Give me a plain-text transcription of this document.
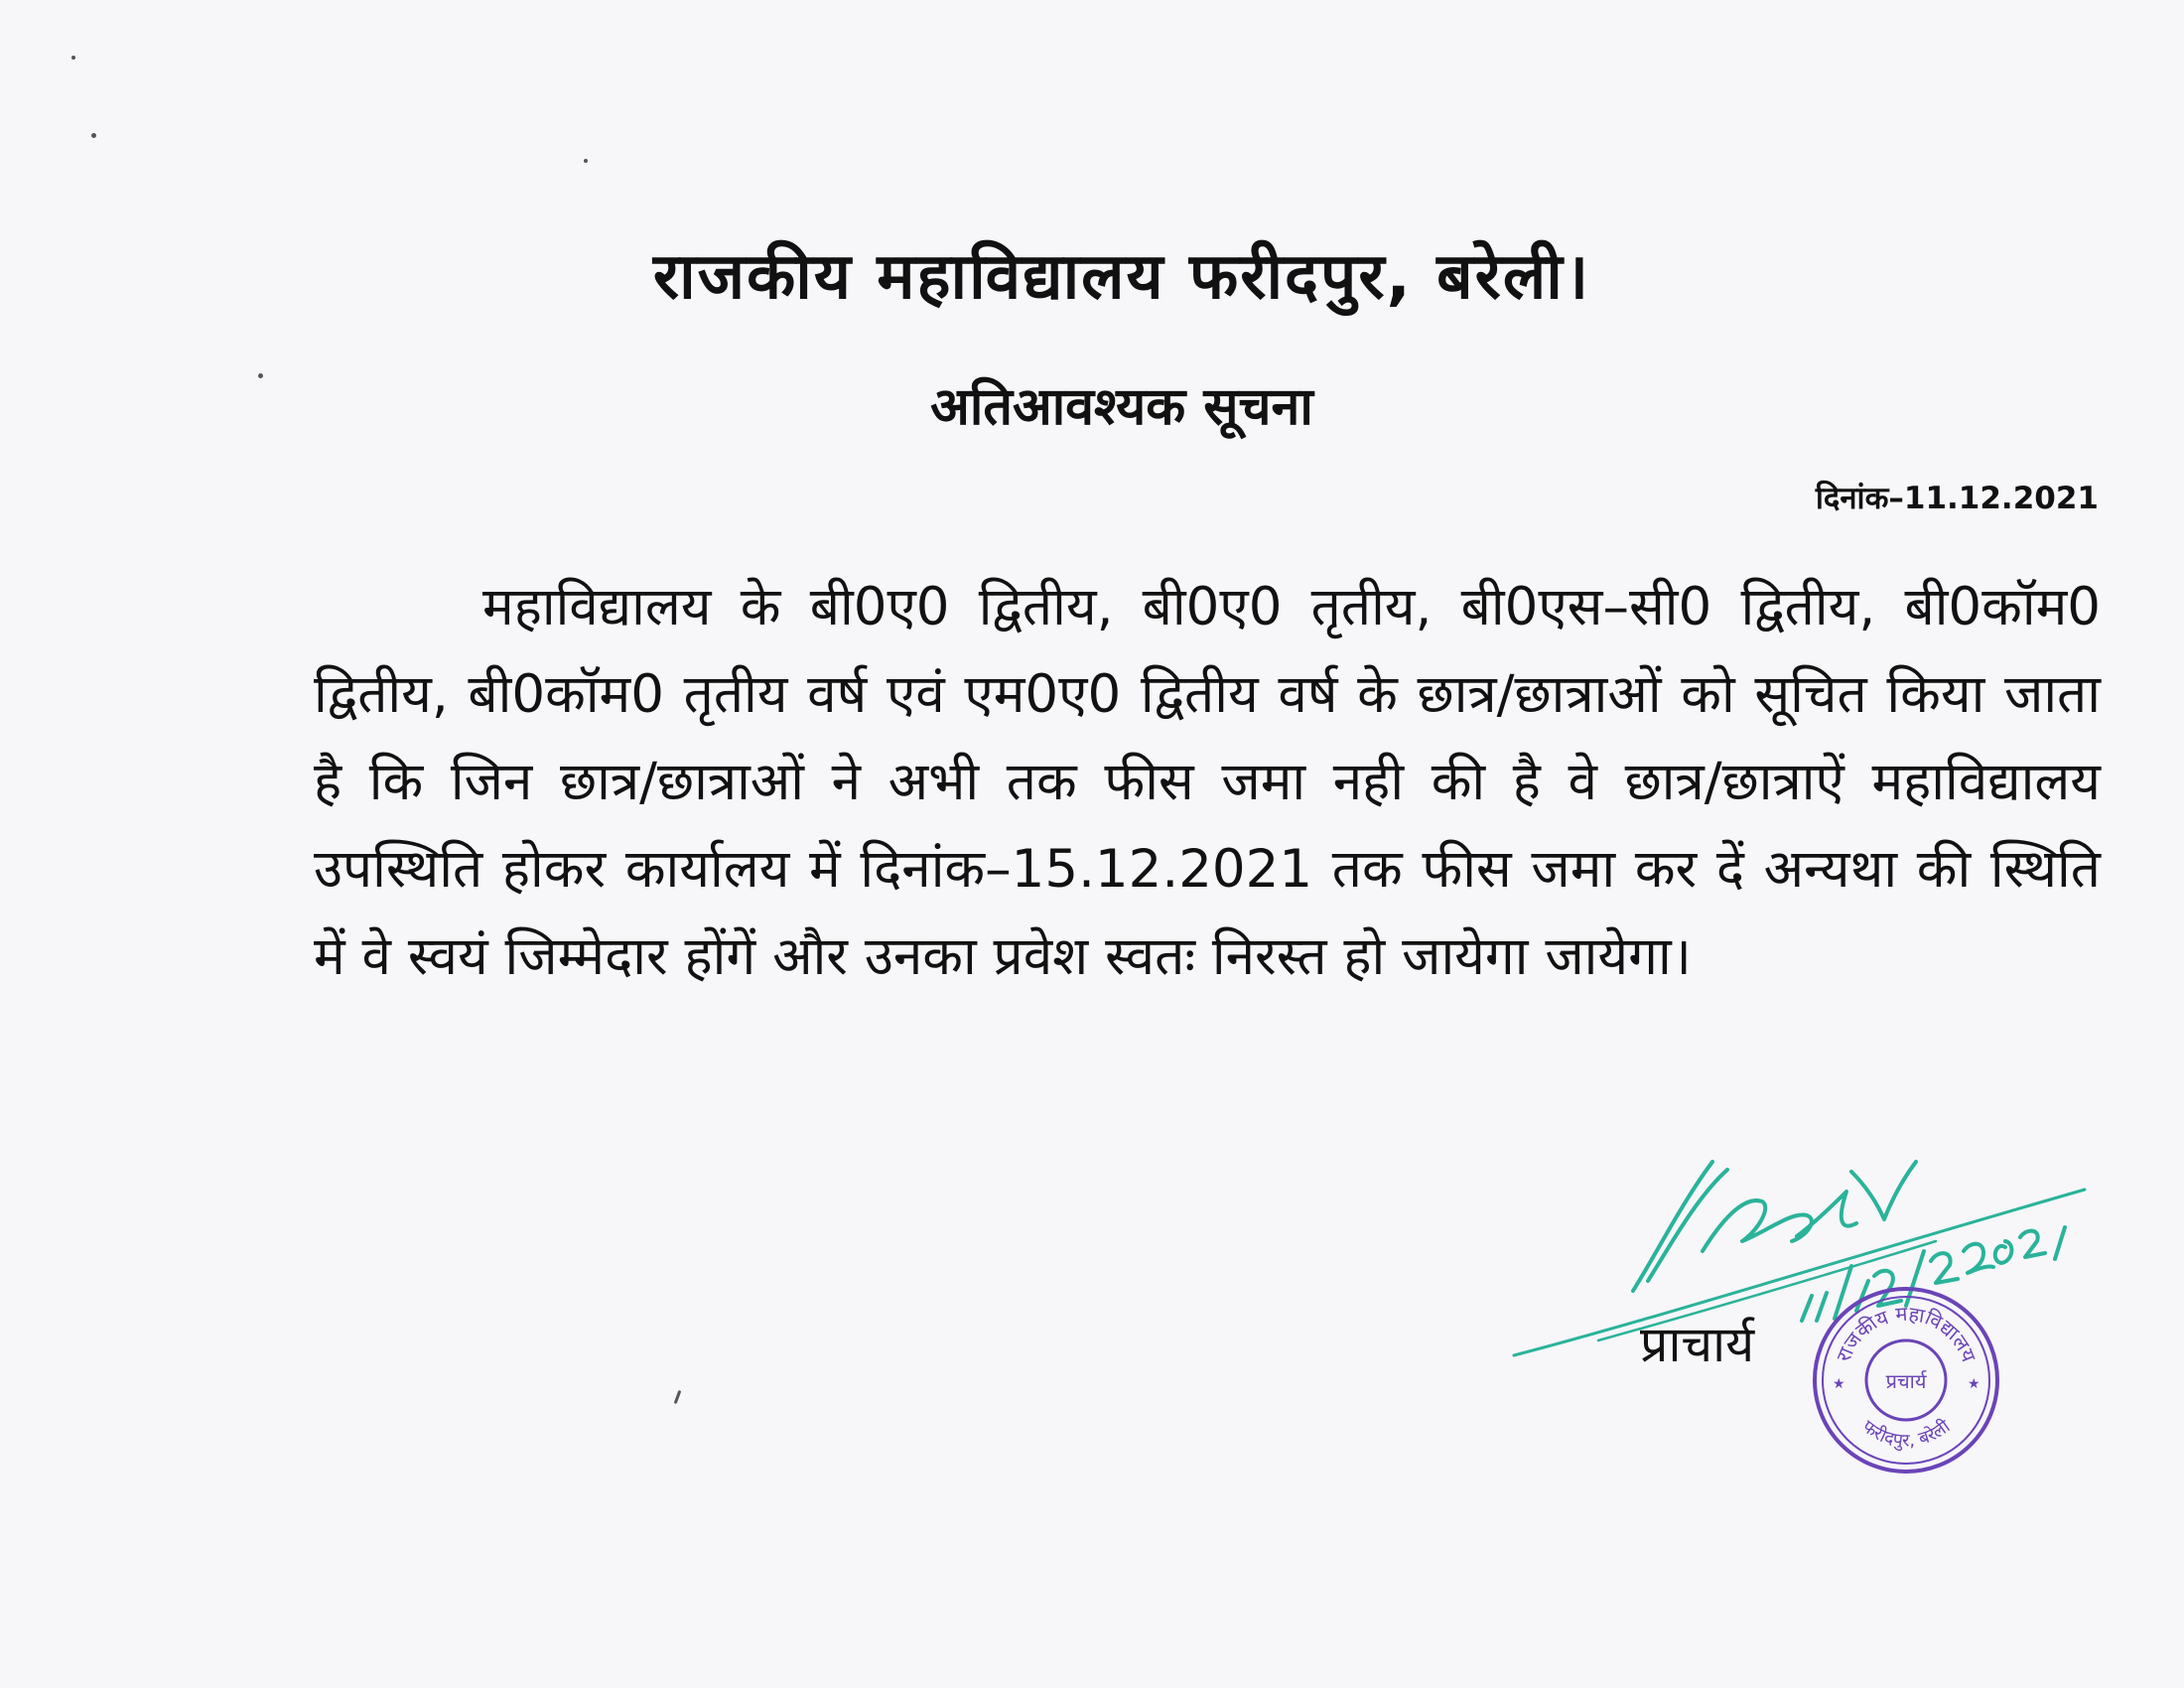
राजकीय महाविद्यालय फरीदपुर, बरेली।
अतिआवश्यक सूचना
दिनांक–11.12.2021
महाविद्यालय के बी0ए0 द्वितीय, बी0ए0 तृतीय, बी0एस–सी0 द्वितीय, बी0कॉम0 द्वितीय, बी0कॉम0 तृतीय वर्ष एवं एम0ए0 द्वितीय वर्ष के छात्र/छात्राओं को सूचित किया जाता है कि जिन छात्र/छात्राओं ने अभी तक फीस जमा नही की है वे छात्र/छात्राऐं महाविद्यालय उपस्थिति होकर कार्यालय में दिनांक–15.12.2021 तक फीस जमा कर दें अन्यथा की स्थिति में वे स्वयं जिम्मेदार होंगें और उनका प्रवेश स्वतः निरस्त हो जायेगा जायेगा।
प्राचार्य	राजकीय महाविद्यालय
प्रचार्य
फरीदपुर, बरेली
★	★
